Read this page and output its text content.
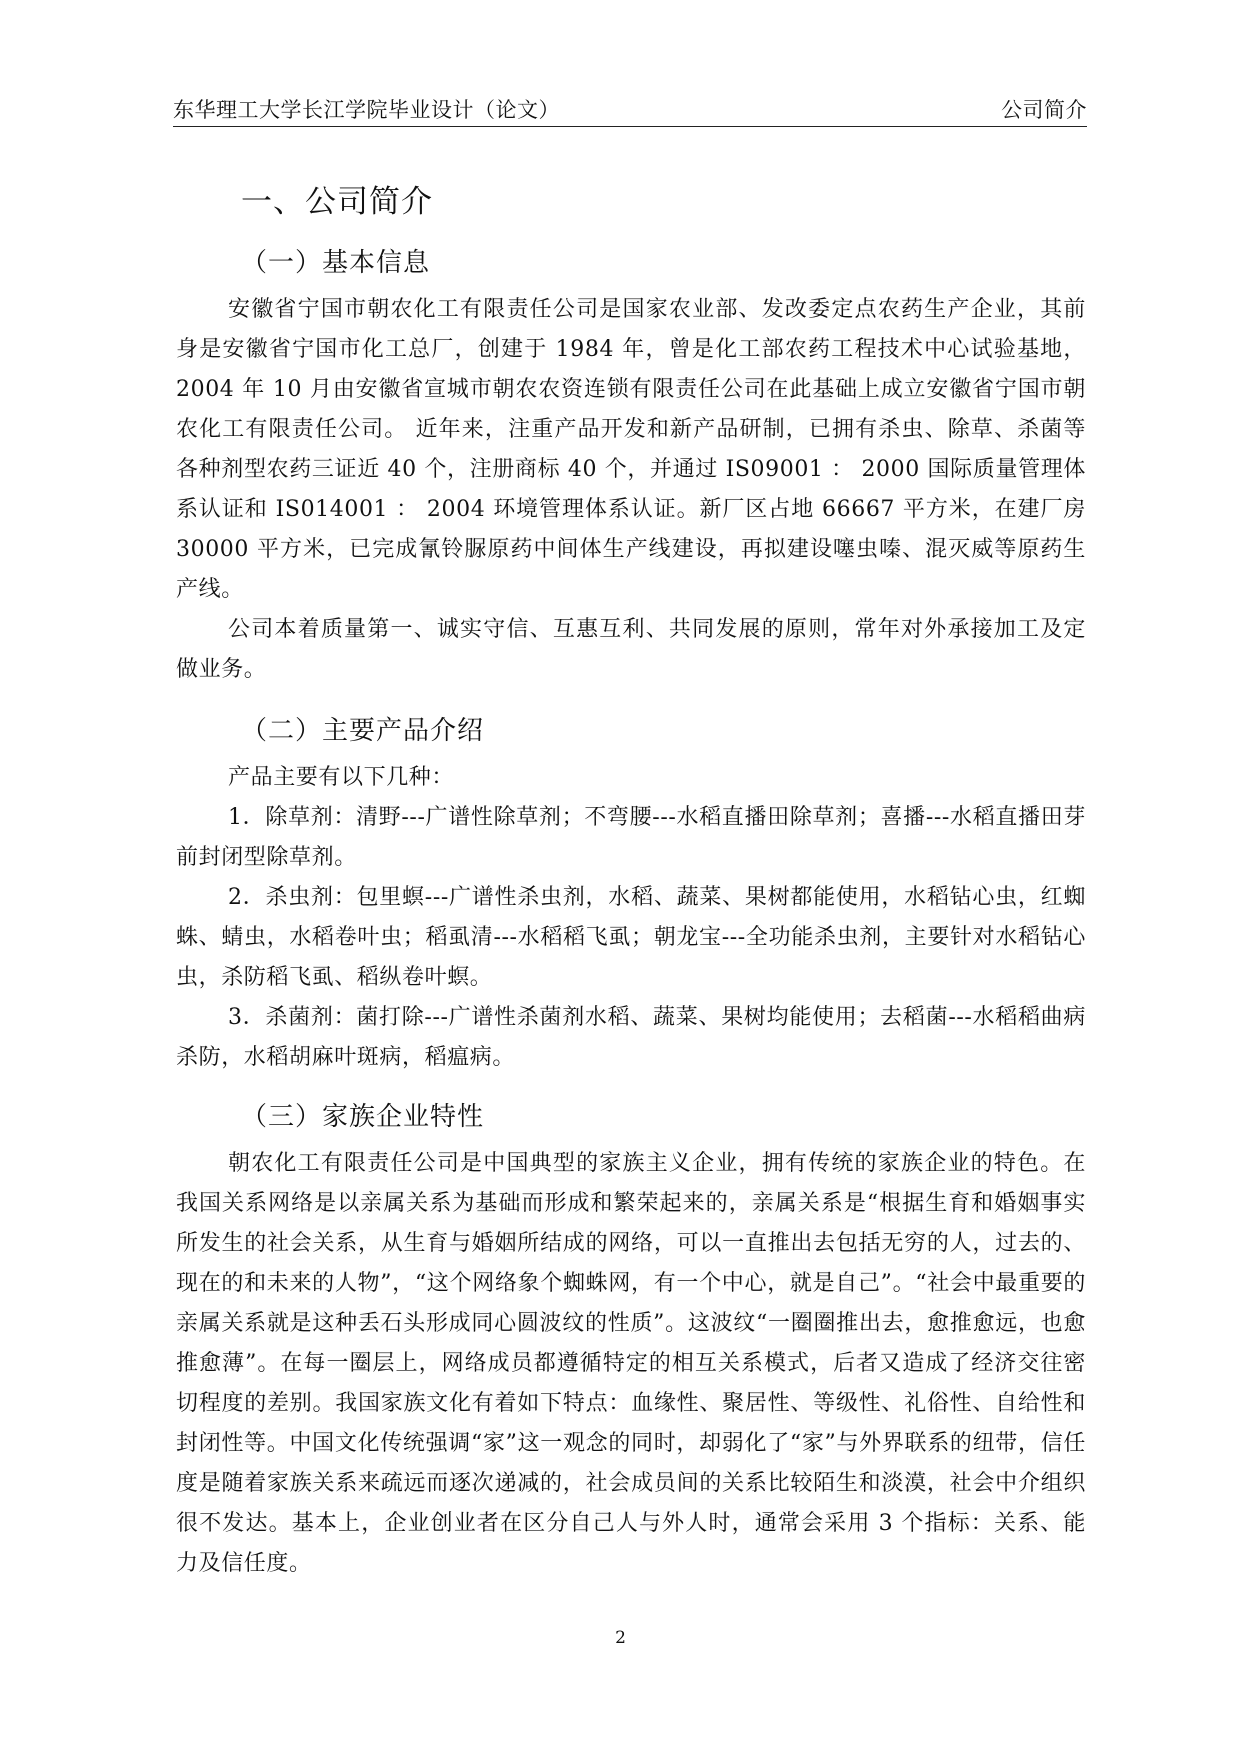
东华理工大学长江学院毕业设计（论文）	公司简介
一、公司简介
（一）基本信息
安徽省宁国市朝农化工有限责任公司是国家农业部、发改委定点农药生产企业，其前身是安徽省宁国市化工总厂，创建于 1984 年，曾是化工部农药工程技术中心试验基地， 2004 年 10 月由安徽省宣城市朝农农资连锁有限责任公司在此基础上成立安徽省宁国市朝农化工有限责任公司。 近年来，注重产品开发和新产品研制，已拥有杀虫、除草、杀菌等各种剂型农药三证近 40 个，注册商标 40 个，并通过 IS09001 ： 2000 国际质量管理体系认证和 IS014001 ： 2004 环境管理体系认证。新厂区占地 66667 平方米，在建厂房 30000 平方米，已完成氰铃脲原药中间体生产线建设，再拟建设噻虫嗪、混灭威等原药生产线。
公司本着质量第一、诚实守信、互惠互利、共同发展的原则，常年对外承接加工及定做业务。
（二）主要产品介绍
产品主要有以下几种：
1．除草剂：清野---广谱性除草剂；不弯腰---水稻直播田除草剂；喜播---水稻直播田芽前封闭型除草剂。
2．杀虫剂：包里螟---广谱性杀虫剂，水稻、蔬菜、果树都能使用，水稻钻心虫，红蜘蛛、蜻虫，水稻卷叶虫；稻虱清---水稻稻飞虱；朝龙宝---全功能杀虫剂，主要针对水稻钻心虫，杀防稻飞虱、稻纵卷叶螟。
3．杀菌剂：菌打除---广谱性杀菌剂水稻、蔬菜、果树均能使用；去稻菌---水稻稻曲病杀防，水稻胡麻叶斑病，稻瘟病。
（三）家族企业特性
朝农化工有限责任公司是中国典型的家族主义企业，拥有传统的家族企业的特色。在我国关系网络是以亲属关系为基础而形成和繁荣起来的，亲属关系是“根据生育和婚姻事实所发生的社会关系，从生育与婚姻所结成的网络，可以一直推出去包括无穷的人，过去的、现在的和未来的人物”，“这个网络象个蜘蛛网，有一个中心，就是自己”。“社会中最重要的亲属关系就是这种丢石头形成同心圆波纹的性质”。这波纹“一圈圈推出去，愈推愈远，也愈推愈薄”。在每一圈层上，网络成员都遵循特定的相互关系模式，后者又造成了经济交往密切程度的差别。我国家族文化有着如下特点：血缘性、聚居性、等级性、礼俗性、自给性和封闭性等。中国文化传统强调“家”这一观念的同时，却弱化了“家”与外界联系的纽带，信任度是随着家族关系来疏远而逐次递减的，社会成员间的关系比较陌生和淡漠，社会中介组织很不发达。基本上，企业创业者在区分自己人与外人时，通常会采用 3 个指标：关系、能力及信任度。
2
